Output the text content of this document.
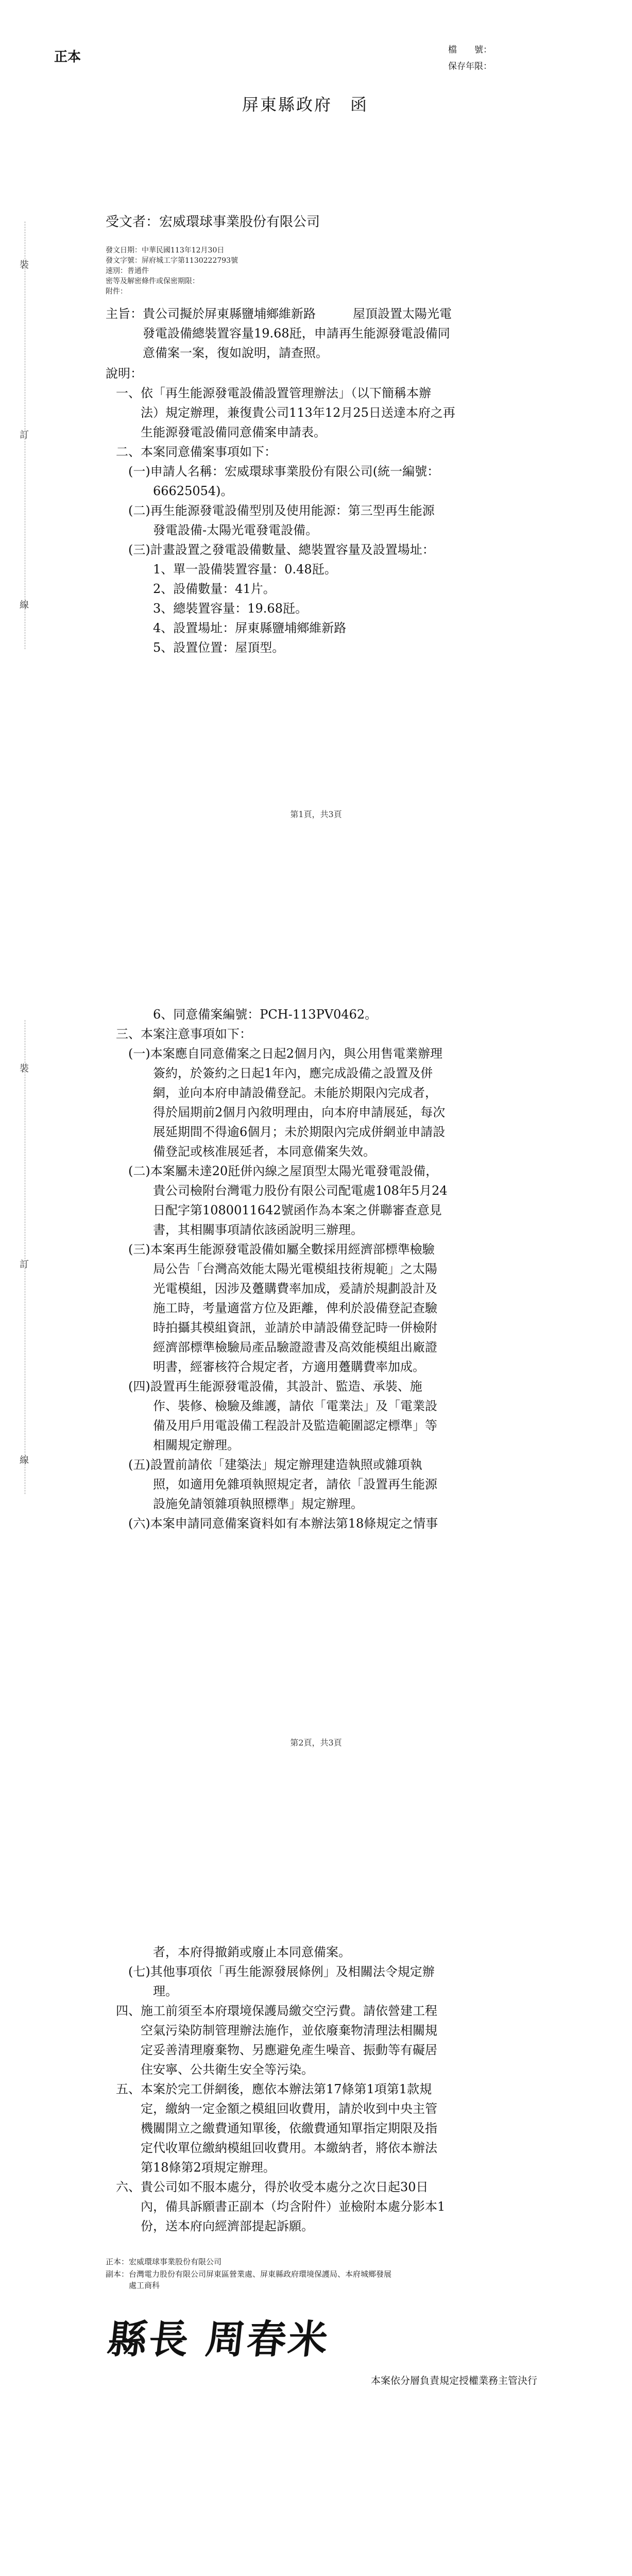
正本	檔　　號：
保存年限：
屏東縣政府　函
受文者：宏威環球事業股份有限公司
發文日期：中華民國113年12月30日
發文字號：屏府城工字第1130222793號
速別：普通件
密等及解密條件或保密期限：
附件：
主旨：貴公司擬於屏東縣鹽埔鄉維新路　　　屋頂設置太陽光電
　　　發電設備總裝置容量19.68瓩，申請再生能源發電設備同
　　　意備案一案，復如說明，請查照。
說明：
一、依「再生能源發電設備設置管理辦法」（以下簡稱本辦
　　法）規定辦理，兼復貴公司113年12月25日送達本府之再
　　生能源發電設備同意備案申請表。
二、本案同意備案事項如下：
　(一)申請人名稱：宏威環球事業股份有限公司(統一編號：
　　　66625054)。
　(二)再生能源發電設備型別及使用能源：第三型再生能源
　　　發電設備-太陽光電發電設備。
　(三)計畫設置之發電設備數量、總裝置容量及設置場址：
　　　1、單一設備裝置容量：0.48瓩。
　　　2、設備數量：41片。
　　　3、總裝置容量：19.68瓩。
　　　4、設置場址：屏東縣鹽埔鄉維新路
　　　5、設置位置：屋頂型。
裝
訂
線
第1頁，共3頁
　　　6、同意備案編號：PCH-113PV0462。
三、本案注意事項如下：
　(一)本案應自同意備案之日起2個月內，與公用售電業辦理
　　　簽約，於簽約之日起1年內，應完成設備之設置及併
　　　網，並向本府申請設備登記。未能於期限內完成者，
　　　得於屆期前2個月內敘明理由，向本府申請展延，每次
　　　展延期間不得逾6個月；未於期限內完成併網並申請設
　　　備登記或核准展延者，本同意備案失效。
　(二)本案屬未達20瓩併內線之屋頂型太陽光電發電設備，
　　　貴公司檢附台灣電力股份有限公司配電處108年5月24
　　　日配字第1080011642號函作為本案之併聯審查意見
　　　書，其相關事項請依該函說明三辦理。
　(三)本案再生能源發電設備如屬全數採用經濟部標準檢驗
　　　局公告「台灣高效能太陽光電模組技術規範」之太陽
　　　光電模組，因涉及躉購費率加成，爰請於規劃設計及
　　　施工時，考量適當方位及距離，俾利於設備登記查驗
　　　時拍攝其模組資訊，並請於申請設備登記時一併檢附
　　　經濟部標準檢驗局產品驗證證書及高效能模組出廠證
　　　明書，經審核符合規定者，方適用躉購費率加成。
　(四)設置再生能源發電設備，其設計、監造、承裝、施
　　　作、裝修、檢驗及維護，請依「電業法」及「電業設
　　　備及用戶用電設備工程設計及監造範圍認定標準」等
　　　相關規定辦理。
　(五)設置前請依「建築法」規定辦理建造執照或雜項執
　　　照，如適用免雜項執照規定者，請依「設置再生能源
　　　設施免請領雜項執照標準」規定辦理。
　(六)本案申請同意備案資料如有本辦法第18條規定之情事
裝
訂
線
第2頁，共3頁
　　　者，本府得撤銷或廢止本同意備案。
　(七)其他事項依「再生能源發展條例」及相關法令規定辦
　　　理。
四、施工前須至本府環境保護局繳交空污費。請依營建工程
　　空氣污染防制管理辦法施作，並依廢棄物清理法相關規
　　定妥善清理廢棄物、另應避免產生噪音、振動等有礙居
　　住安寧、公共衛生安全等污染。
五、本案於完工併網後，應依本辦法第17條第1項第1款規
　　定，繳納一定金額之模組回收費用，請於收到中央主管
　　機關開立之繳費通知單後，依繳費通知單指定期限及指
　　定代收單位繳納模組回收費用。本繳納者，將依本辦法
　　第18條第2項規定辦理。
六、貴公司如不服本處分，得於收受本處分之次日起30日
　　內，備具訴願書正副本（均含附件）並檢附本處分影本1
　　份，送本府向經濟部提起訴願。
正本：宏威環球事業股份有限公司
副本：台灣電力股份有限公司屏東區營業處、屏東縣政府環境保護局、本府城鄉發展
　　　處工商科
縣長 周春米
本案依分層負責規定授權業務主管決行
